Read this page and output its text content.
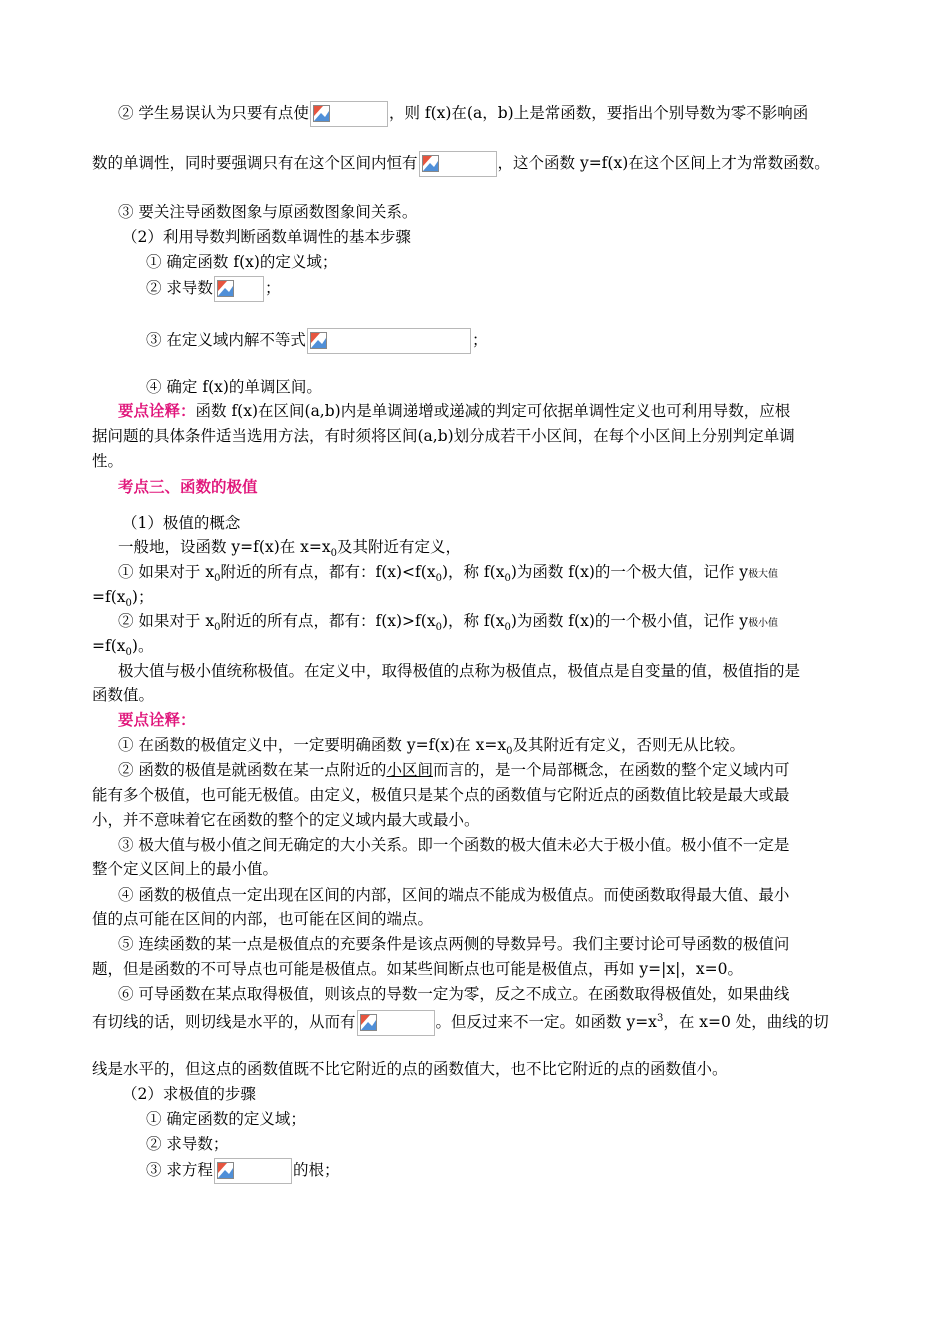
② 学生易误认为只要有点使	，则 f(x)在(a，b)上是常函数，要指出个别导数为零不影响函
数的单调性，同时要强调只有在这个区间内恒有	，这个函数 y=f(x)在这个区间上才为常数函数。
③ 要关注导函数图象与原函数图象间关系。
（2）利用导数判断函数单调性的基本步骤
① 确定函数 f(x)的定义域；
② 求导数	；
③ 在定义域内解不等式	；
④ 确定 f(x)的单调区间。
要点诠释：函数 f(x)在区间(a,b)内是单调递增或递减的判定可依据单调性定义也可利用导数，应根
据问题的具体条件适当选用方法，有时须将区间(a,b)划分成若干小区间，在每个小区间上分别判定单调
性。
考点三、函数的极值
（1）极值的概念
一般地，设函数 y=f(x)在 $x=x_0$及其附近有定义，
① 如果对于 $x_0$附近的所有点，都有：$f(x)<f(x_0)$，称 $f(x_0)$为函数 f(x)的一个极大值，记作 y极大值
$=f(x_0)$；
② 如果对于 $x_0$附近的所有点，都有：$f(x)>f(x_0)$，称 $f(x_0)$为函数 f(x)的一个极小值，记作 y极小值
$=f(x_0)$。
极大值与极小值统称极值。在定义中，取得极值的点称为极值点，极值点是自变量的值，极值指的是
函数值。
要点诠释：
① 在函数的极值定义中，一定要明确函数 y=f(x)在 $x=x_0$及其附近有定义，否则无从比较。
② 函数的极值是就函数在某一点附近的小区间而言的，是一个局部概念，在函数的整个定义域内可
能有多个极值，也可能无极值。由定义，极值只是某个点的函数值与它附近点的函数值比较是最大或最
小，并不意味着它在函数的整个的定义域内最大或最小。
③ 极大值与极小值之间无确定的大小关系。即一个函数的极大值未必大于极小值。极小值不一定是
整个定义区间上的最小值。
④ 函数的极值点一定出现在区间的内部，区间的端点不能成为极值点。而使函数取得最大值、最小
值的点可能在区间的内部，也可能在区间的端点。
⑤ 连续函数的某一点是极值点的充要条件是该点两侧的导数异号。我们主要讨论可导函数的极值问
题，但是函数的不可导点也可能是极值点。如某些间断点也可能是极值点，再如 y=|x|，x=0。
⑥ 可导函数在某点取得极值，则该点的导数一定为零，反之不成立。在函数取得极值处，如果曲线
有切线的话，则切线是水平的，从而有	。但反过来不一定。如函数 $y=x^3$，在 x=0 处，曲线的切
线是水平的，但这点的函数值既不比它附近的点的函数值大，也不比它附近的点的函数值小。
（2）求极值的步骤
① 确定函数的定义域；
② 求导数；
③ 求方程	的根；
